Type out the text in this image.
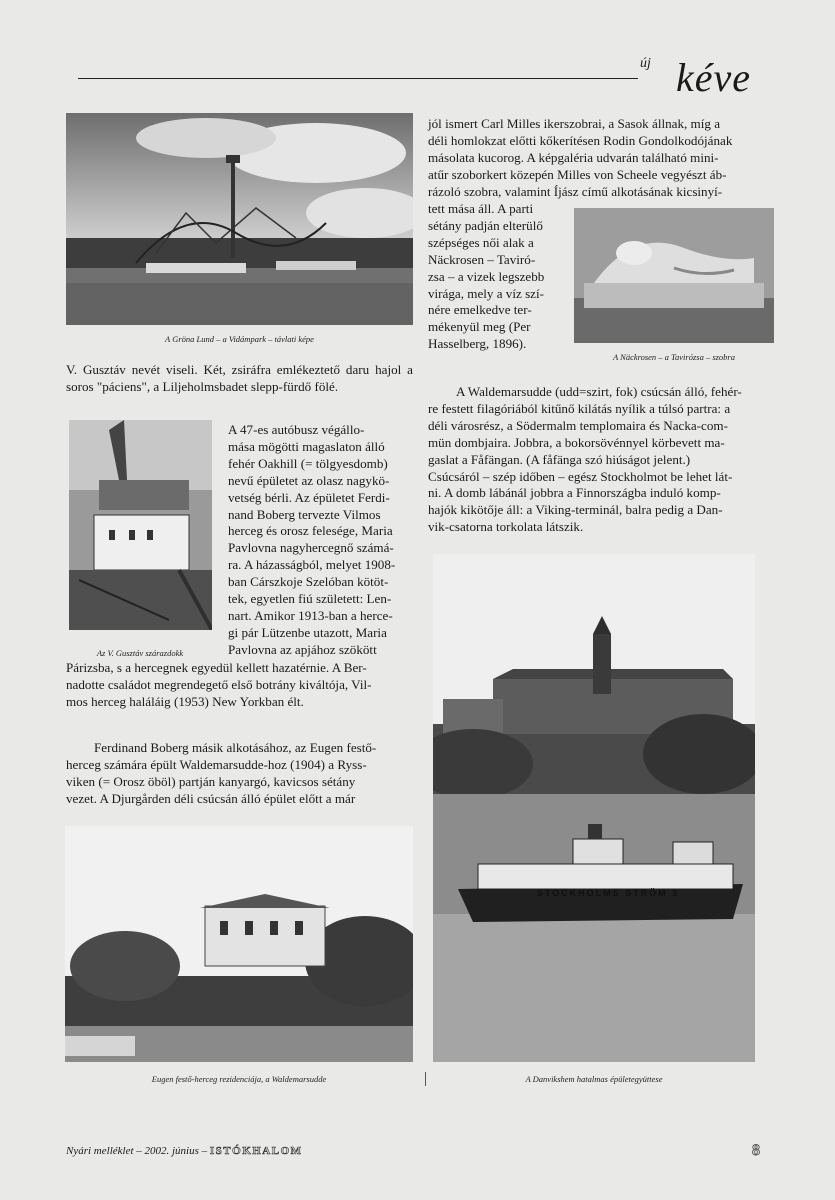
új kéve
A Gröna Lund – a Vidámpark – távlati képe
V. Gusztáv nevét viseli. Két, zsiráfra emlékeztető daru hajol a soros "páciens", a Liljeholmsbadet slepp-fürdő fölé.
Az V. Gusztáv szárazdokk
A 47-es autóbusz végállo-
mása mögötti magaslaton álló
fehér Oakhill (= tölgyesdomb)
nevű épületet az olasz nagykö-
vetség bérli. Az épületet Ferdi-
nand Boberg tervezte Vilmos
herceg és orosz felesége, Maria
Pavlovna nagyhercegnő számá-
ra. A házasságból, melyet 1908-
ban Cárszkoje Szelóban kötöt-
tek, egyetlen fiú született: Len-
nart. Amikor 1913-ban a herce-
gi pár Lützenbe utazott, Maria
Pavlovna az apjához szökött
Párizsba, s a hercegnek egyedül kellett hazatérnie. A Ber-
nadotte családot megrendegető első botrány kiváltója, Vil-
mos herceg haláláig (1953) New Yorkban élt.
Ferdinand Boberg másik alkotásához, az Eugen festő-
herceg számára épült Waldemarsudde-hoz (1904) a Ryss-
viken (= Orosz öböl) partján kanyargó, kavicsos sétány
vezet. A Djurgården déli csúcsán álló épület előtt a már
Eugen festő-herceg rezidenciája, a Waldemarsudde
jól ismert Carl Milles ikerszobrai, a Sasok állnak, míg a
déli homlokzat előtti kőkerítésen Rodin Gondolkodójának
másolata kucorog. A képgaléria udvarán található mini-
atűr szoborkert közepén Milles von Scheele vegyészt áb-
rázoló szobra, valamint Íjász című alkotásának kicsinyí-
tett mása áll. A parti
sétány padján elterülő
szépséges női alak a
Näckrosen – Taviró-
zsa – a vizek legszebb
virága, mely a víz szí-
nére emelkedve ter-
mékenyül meg (Per
Hasselberg, 1896).
A Näckrosen – a Tavirózsa – szobra
A Waldemarsudde (udd=szirt, fok) csúcsán álló, fehér-
re festett filagóriából kitűnő kilátás nyílik a túlsó partra: a
déli városrész, a Södermalm templomaira és Nacka-com-
mün dombjaira. Jobbra, a bokorsövénnyel körbevett ma-
gaslat a Fåfängan. (A fåfänga szó hiúságot jelent.)
Csúcsáról – szép időben – egész Stockholmot be lehet lát-
ni. A domb lábánál jobbra a Finnországba induló komp-
hajók kikötője áll: a Viking-terminál, balra pedig a Dan-
vik-csatorna torkolata látszik.
STOCKHOLMS STRÖM 3
A Danvikshem hatalmas épületegyüttese
Nyári melléklet – 2002. június – ISTÓKHALOM	8
